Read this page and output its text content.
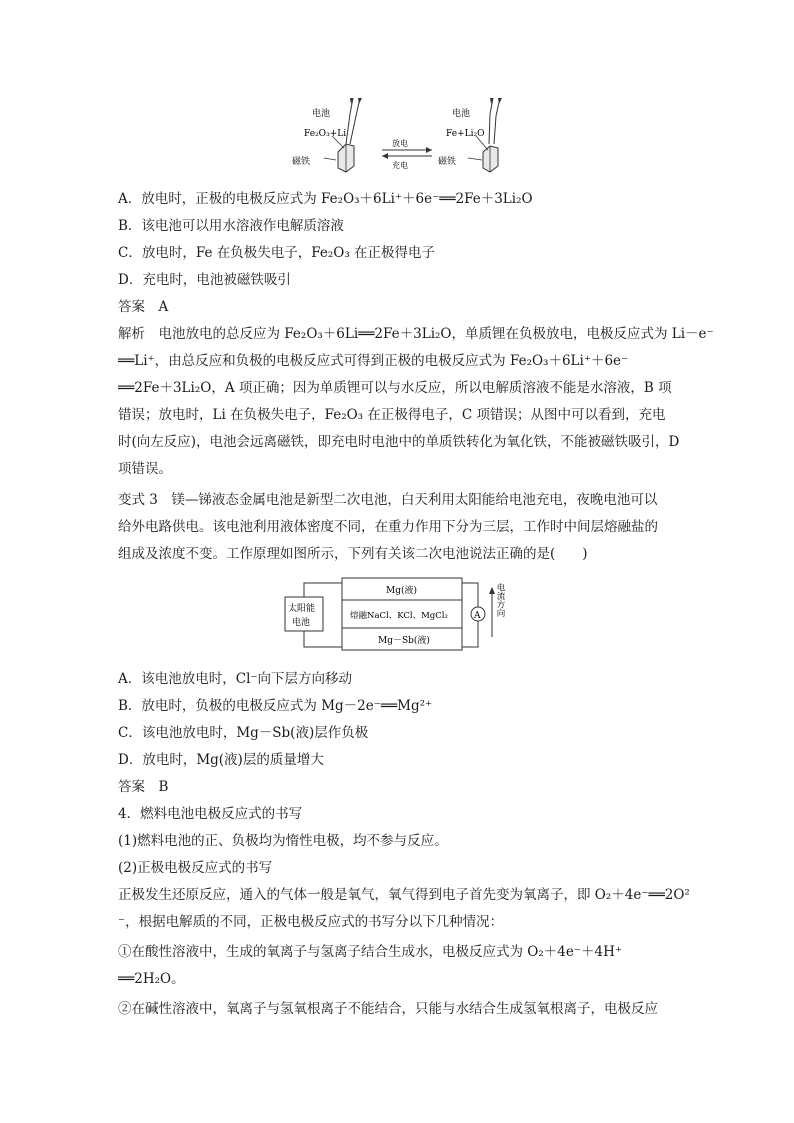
电池
Fe₂O₃+Li
磁铁
放电
充电
电池
Fe+Li₂O
磁铁
A．放电时，正极的电极反应式为 Fe₂O₃＋6Li⁺＋6e⁻══2Fe＋3Li₂O
B．该电池可以用水溶液作电解质溶液
C．放电时，Fe 在负极失电子，Fe₂O₃ 在正极得电子
D．充电时，电池被磁铁吸引
答案　A
解析　电池放电的总反应为 Fe₂O₃＋6Li══2Fe＋3Li₂O，单质锂在负极放电，电极反应式为 Li－e⁻
══Li⁺，由总反应和负极的电极反应式可得到正极的电极反应式为 Fe₂O₃＋6Li⁺＋6e⁻
══2Fe＋3Li₂O，A 项正确；因为单质锂可以与水反应，所以电解质溶液不能是水溶液，B 项
错误；放电时，Li 在负极失电子，Fe₂O₃ 在正极得电子，C 项错误；从图中可以看到，充电
时(向左反应)，电池会远离磁铁，即充电时电池中的单质铁转化为氧化铁，不能被磁铁吸引，D
项错误。
变式 3　镁—锑液态金属电池是新型二次电池，白天利用太阳能给电池充电，夜晚电池可以
给外电路供电。该电池利用液体密度不同，在重力作用下分为三层，工作时中间层熔融盐的
组成及浓度不变。工作原理如图所示，下列有关该二次电池说法正确的是(　　)
太阳能
电池
Mg(液)
熔融NaCl、KCl、MgCl₂
Mg－Sb(液)
A 电流方向
A．该电池放电时，Cl⁻向下层方向移动
B．放电时，负极的电极反应式为 Mg－2e⁻══Mg²⁺
C．该电池放电时，Mg－Sb(液)层作负极
D．放电时，Mg(液)层的质量增大
答案　B
4．燃料电池电极反应式的书写
(1)燃料电池的正、负极均为惰性电极，均不参与反应。
(2)正极电极反应式的书写
正极发生还原反应，通入的气体一般是氧气，氧气得到电子首先变为氧离子，即 O₂＋4e⁻══2O²
⁻，根据电解质的不同，正极电极反应式的书写分以下几种情况：
①在酸性溶液中，生成的氧离子与氢离子结合生成水，电极反应式为 O₂＋4e⁻＋4H⁺
══2H₂O。
②在碱性溶液中，氧离子与氢氧根离子不能结合，只能与水结合生成氢氧根离子，电极反应
